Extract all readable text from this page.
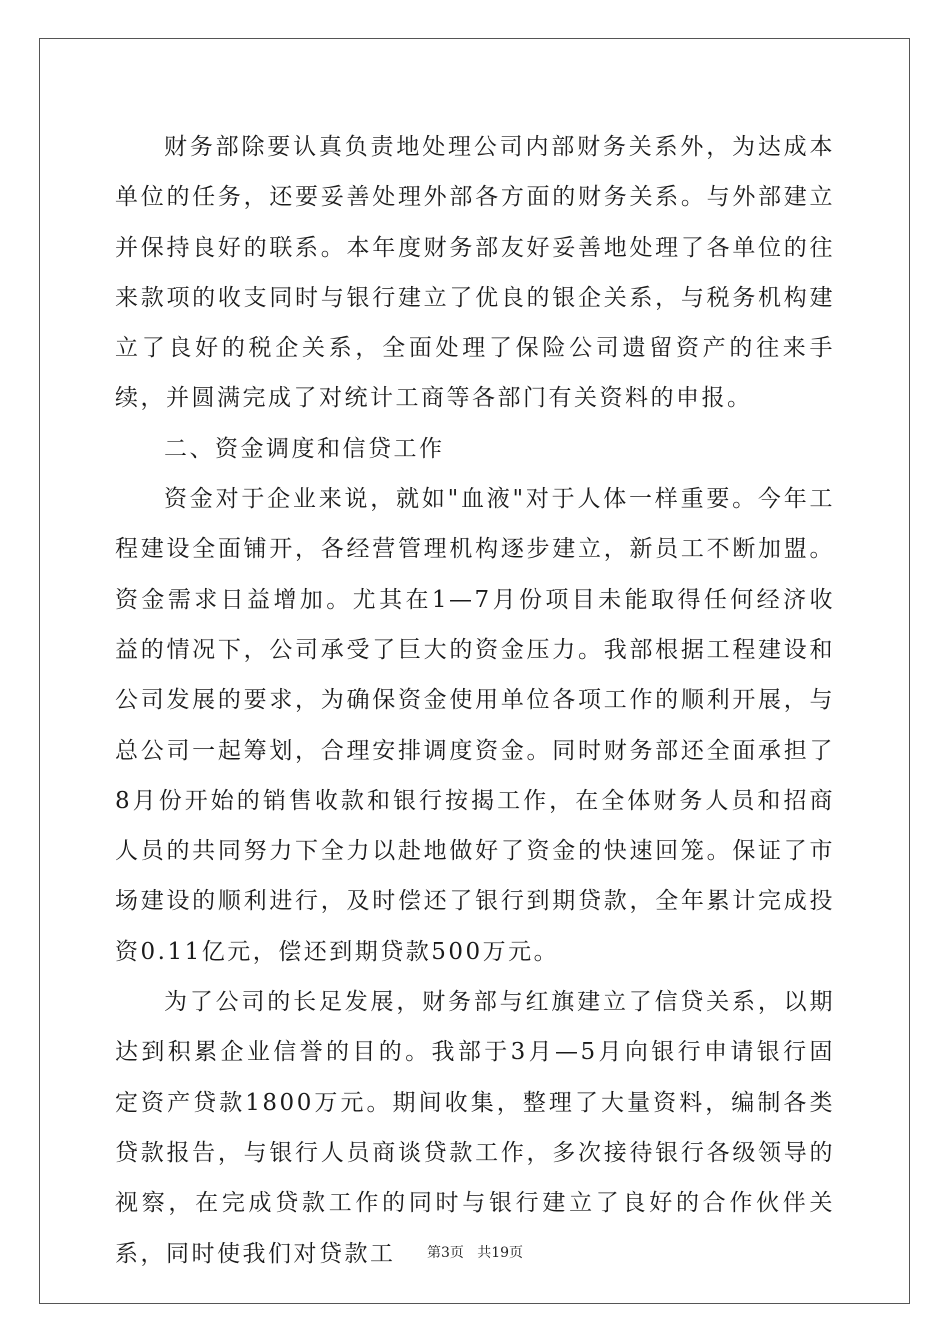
财务部除要认真负责地处理公司内部财务关系外，为达成本单位的任务，还要妥善处理外部各方面的财务关系。与外部建立并保持良好的联系。本年度财务部友好妥善地处理了各单位的往来款项的收支同时与银行建立了优良的银企关系，与税务机构建立了良好的税企关系，全面处理了保险公司遗留资产的往来手续，并圆满完成了对统计工商等各部门有关资料的申报。

二、资金调度和信贷工作

资金对于企业来说，就如"血液"对于人体一样重要。今年工程建设全面铺开，各经营管理机构逐步建立，新员工不断加盟。资金需求日益增加。尤其在1—7月份项目未能取得任何经济收益的情况下，公司承受了巨大的资金压力。我部根据工程建设和公司发展的要求，为确保资金使用单位各项工作的顺利开展，与总公司一起筹划，合理安排调度资金。同时财务部还全面承担了8月份开始的销售收款和银行按揭工作，在全体财务人员和招商人员的共同努力下全力以赴地做好了资金的快速回笼。保证了市场建设的顺利进行，及时偿还了银行到期贷款，全年累计完成投资0.11亿元，偿还到期贷款500万元。

为了公司的长足发展，财务部与红旗建立了信贷关系，以期达到积累企业信誉的目的。我部于3月—5月向银行申请银行固定资产贷款1800万元。期间收集，整理了大量资料，编制各类贷款报告，与银行人员商谈贷款工作，多次接待银行各级领导的视察，在完成贷款工作的同时与银行建立了良好的合作伙伴关系，同时使我们对贷款工	第3页   共19页
